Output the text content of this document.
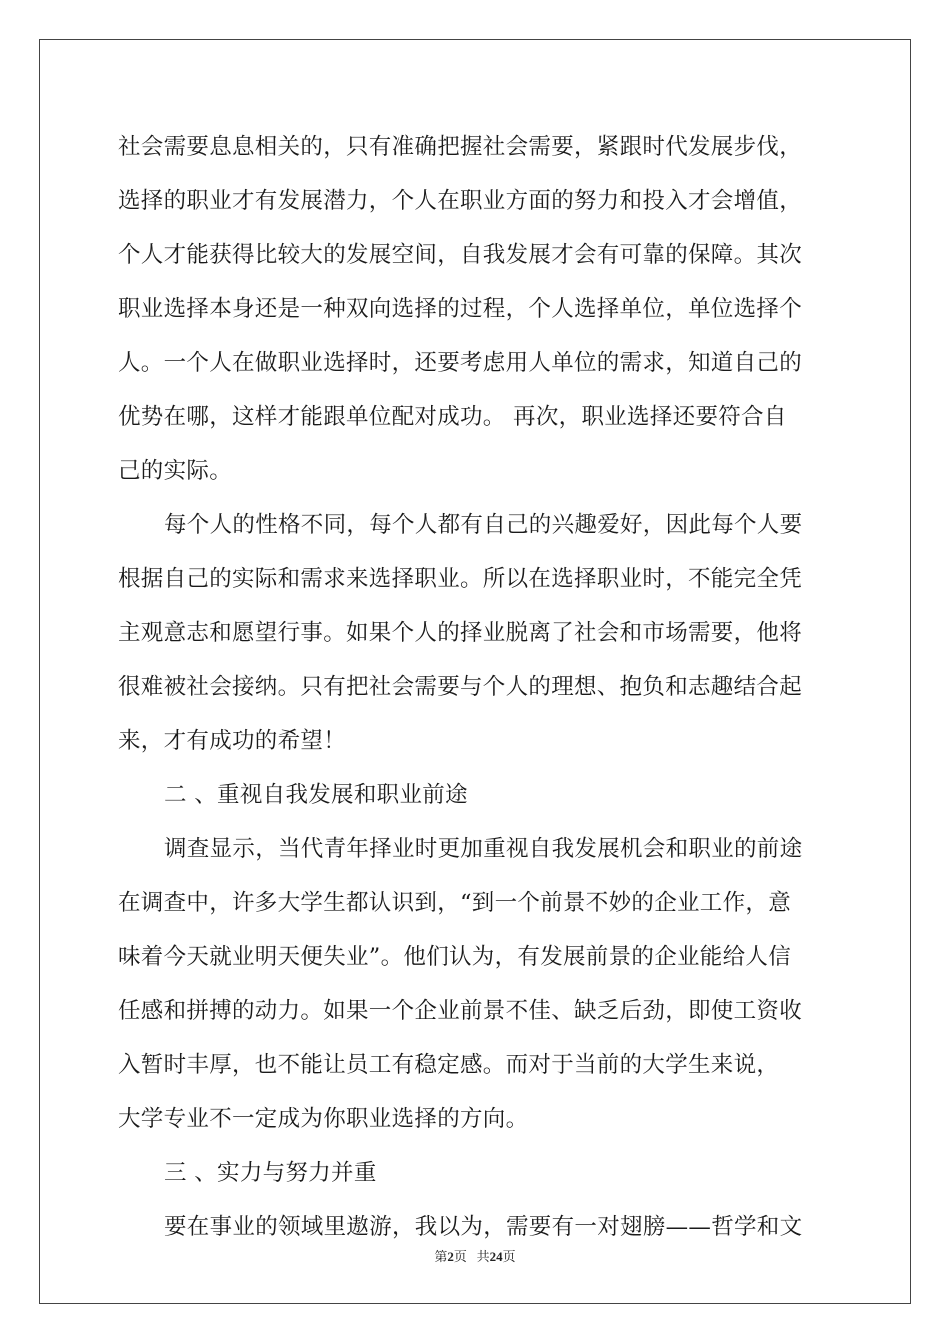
社会需要息息相关的，只有准确把握社会需要，紧跟时代发展步伐，

选择的职业才有发展潜力，个人在职业方面的努力和投入才会增值，

个人才能获得比较大的发展空间，自我发展才会有可靠的保障。其次

职业选择本身还是一种双向选择的过程，个人选择单位，单位选择个

人。一个人在做职业选择时，还要考虑用人单位的需求，知道自己的

优势在哪，这样才能跟单位配对成功。 再次，职业选择还要符合自

己的实际。

每个人的性格不同，每个人都有自己的兴趣爱好，因此每个人要

根据自己的实际和需求来选择职业。所以在选择职业时，不能完全凭

主观意志和愿望行事。如果个人的择业脱离了社会和市场需要，他将

很难被社会接纳。只有把社会需要与个人的理想、抱负和志趣结合起

来，才有成功的希望！

二 、重视自我发展和职业前途

调查显示，当代青年择业时更加重视自我发展机会和职业的前途

在调查中，许多大学生都认识到，“到一个前景不妙的企业工作，意

味着今天就业明天便失业”。他们认为，有发展前景的企业能给人信

任感和拼搏的动力。如果一个企业前景不佳、缺乏后劲，即使工资收

入暂时丰厚，也不能让员工有稳定感。而对于当前的大学生来说，

大学专业不一定成为你职业选择的方向。

三 、实力与努力并重

要在事业的领域里遨游，我以为，需要有一对翅膀——哲学和文

第2页 共24页
